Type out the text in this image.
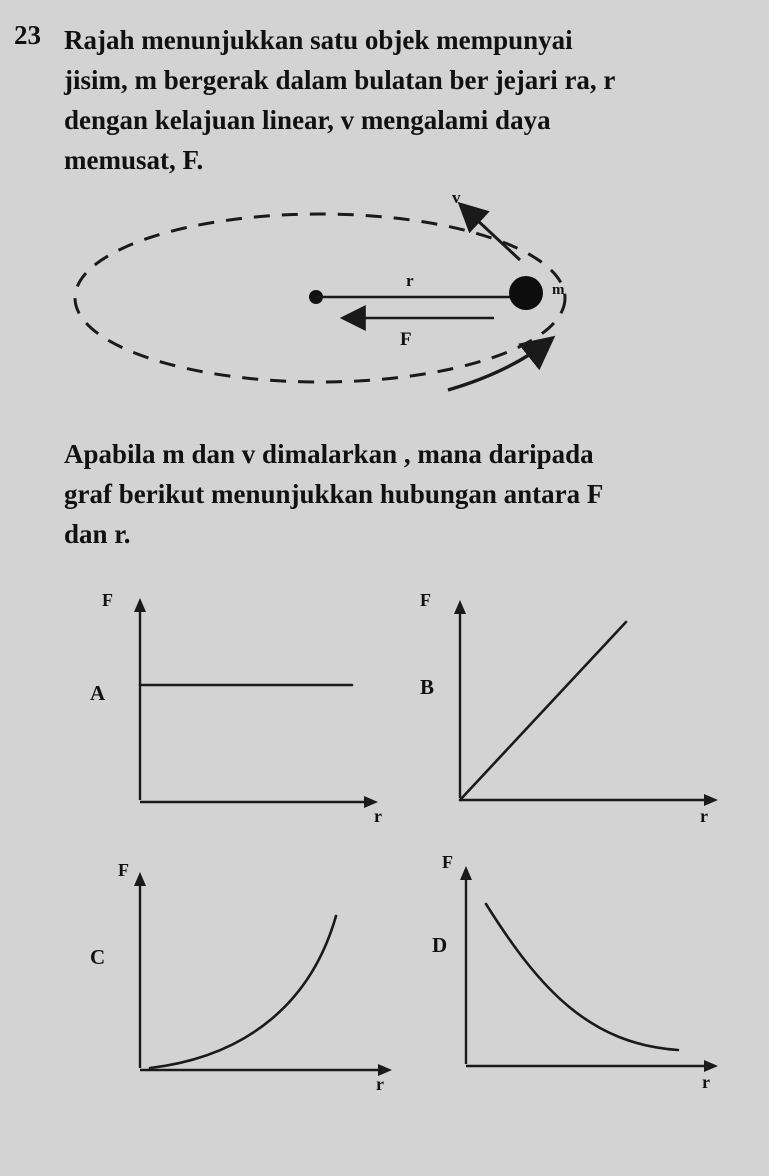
23 Rajah menunjukkan satu objek mempunyai
jisim, m bergerak dalam bulatan ber jejari ra, r
dengan kelajuan linear, v mengalami daya
memusat, F.
v
r	m
F
F
r
A
F
r
B
F
r
C
F
r
D
Apabila m dan v dimalarkan , mana daripada
graf berikut menunjukkan hubungan antara F
dan r.
